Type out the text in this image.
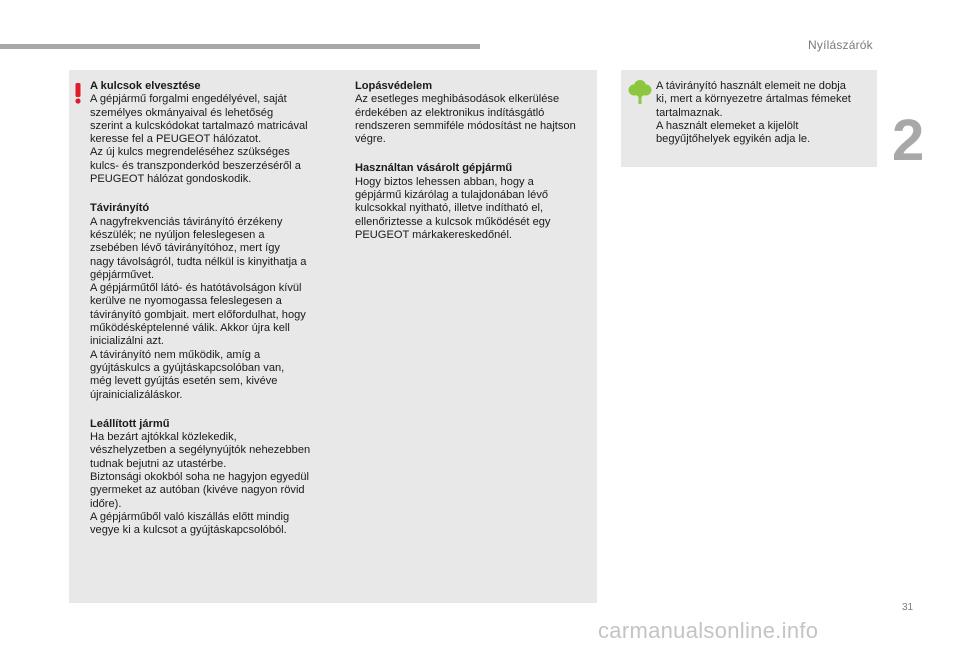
Nyílászárók
2
A kulcsok elvesztése
A gépjármű forgalmi engedélyével, saját
személyes okmányaival és lehetőség
szerint a kulcskódokat tartalmazó matricával
keresse fel a PEUGEOT hálózatot.
Az új kulcs megrendeléséhez szükséges
kulcs- és transzponderkód beszerzéséről a
PEUGEOT hálózat gondoskodik.
Távirányító
A nagyfrekvenciás távirányító érzékeny
készülék; ne nyúljon feleslegesen a
zsebében lévő távirányítóhoz, mert így
nagy távolságról, tudta nélkül is kinyithatja a
gépjárművet.
A gépjárműtől látó- és hatótávolságon kívül
kerülve ne nyomogassa feleslegesen a
távirányító gombjait. mert előfordulhat, hogy
működésképtelenné válik. Akkor újra kell
inicializálni azt.
A távirányító nem működik, amíg a
gyújtáskulcs a gyújtáskapcsolóban van,
még levett gyújtás esetén sem, kivéve
újrainicializáláskor.
Leállított jármű
Ha bezárt ajtókkal közlekedik,
vészhelyzetben a segélynyújtók nehezebben
tudnak bejutni az utastérbe.
Biztonsági okokból soha ne hagyjon egyedül
gyermeket az autóban (kivéve nagyon rövid
időre).
A gépjárműből való kiszállás előtt mindig
vegye ki a kulcsot a gyújtáskapcsolóból.
Lopásvédelem
Az esetleges meghibásodások elkerülése
érdekében az elektronikus indításgátló
rendszeren semmiféle módosítást ne hajtson
végre.
Használtan vásárolt gépjármű
Hogy biztos lehessen abban, hogy a
gépjármű kizárólag a tulajdonában lévő
kulcsokkal nyitható, illetve indítható el,
ellenőriztesse a kulcsok működését egy
PEUGEOT márkakereskedőnél.
A távirányító használt elemeit ne dobja
ki, mert a környezetre ártalmas fémeket
tartalmaznak.
A használt elemeket a kijelölt
begyűjtőhelyek egyikén adja le.
31
carmanualsonline.info
